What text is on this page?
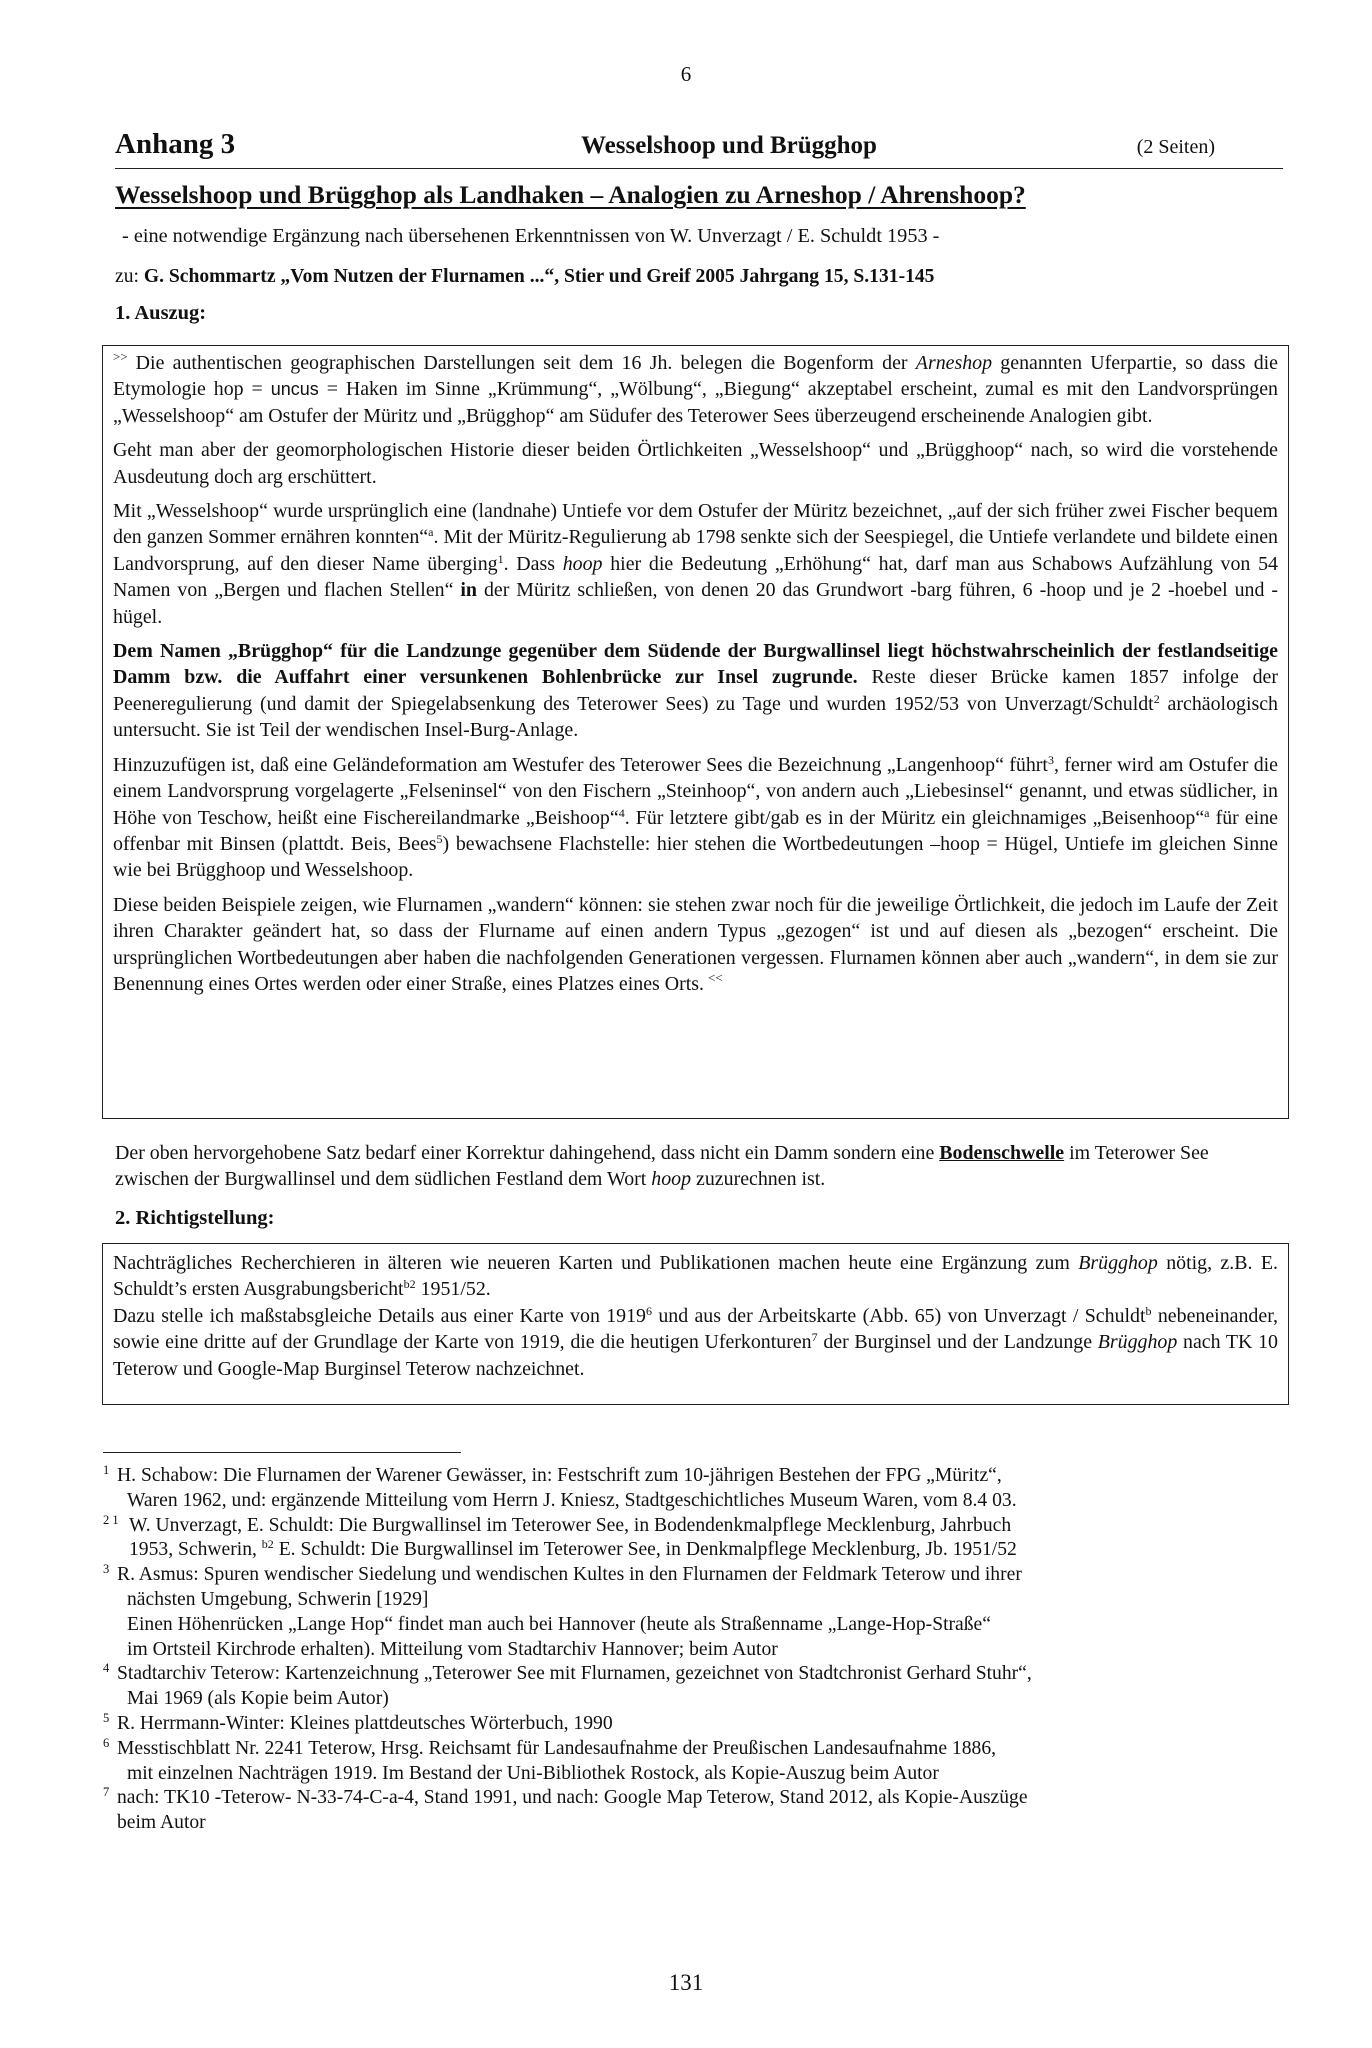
6
Anhang 3	Wesselshoop und Brügghop	(2 Seiten)
Wesselshoop und Brügghop als Landhaken – Analogien zu Arneshop / Ahrenshoop?
- eine notwendige Ergänzung nach übersehenen Erkenntnissen von W. Unverzagt / E. Schuldt 1953 -
zu: G. Schommartz „Vom Nutzen der Flurnamen ...“, Stier und Greif 2005 Jahrgang 15, S.131-145
1. Auszug:

>> Die authentischen geographischen Darstellungen seit dem 16 Jh. belegen die Bogenform der Arneshop genannten Uferpartie, so dass die Etymologie hop = uncus = Haken im Sinne „Krümmung“, „Wölbung“, „Biegung“ akzeptabel erscheint, zumal es mit den Landvorsprüngen „Wesselshoop“ am Ostufer der Müritz und „Brügghop“ am Südufer des Teterower Sees überzeugend erscheinende Analogien gibt.

Geht man aber der geomorphologischen Historie dieser beiden Örtlichkeiten „Wesselshoop“ und „Brügghoop“ nach, so wird die vorstehende Ausdeutung doch arg erschüttert.

Mit „Wesselshoop“ wurde ursprünglich eine (landnahe) Untiefe vor dem Ostufer der Müritz bezeichnet, „auf der sich früher zwei Fischer bequem den ganzen Sommer ernähren konnten“$^a$. Mit der Müritz-Regulierung ab 1798 senkte sich der Seespiegel, die Untiefe verlandete und bildete einen Landvorsprung, auf den dieser Name überging$^1$. Dass hoop hier die Bedeutung „Erhöhung“ hat, darf man aus Schabows Aufzählung von 54 Namen von „Bergen und flachen Stellen“ in der Müritz schließen, von denen 20 das Grundwort -barg führen, 6 -hoop und je 2 -hoebel und -hügel.

Dem Namen „Brügghop“ für die Landzunge gegenüber dem Südende der Burgwallinsel liegt höchstwahrscheinlich der festlandseitige Damm bzw. die Auffahrt einer versunkenen Bohlenbrücke zur Insel zugrunde. Reste dieser Brücke kamen 1857 infolge der Peeneregulierung (und damit der Spiegelabsenkung des Teterower Sees) zu Tage und wurden 1952/53 von Unverzagt/Schuldt$^2$ archäologisch untersucht. Sie ist Teil der wendischen Insel-Burg-Anlage.

Hinzuzufügen ist, daß eine Geländeformation am Westufer des Teterower Sees die Bezeichnung „Langenhoop“ führt$^3$, ferner wird am Ostufer die einem Landvorsprung vorgelagerte „Felseninsel“ von den Fischern „Steinhoop“, von andern auch „Liebesinsel“ genannt, und etwas südlicher, in Höhe von Teschow, heißt eine Fischereilandmarke „Beishoop“$^4$. Für letztere gibt/gab es in der Müritz ein gleichnamiges „Beisenhoop“$^a$ für eine offenbar mit Binsen (plattdt. Beis, Bees$^5$) bewachsene Flachstelle: hier stehen die Wortbedeutungen –hoop = Hügel, Untiefe im gleichen Sinne wie bei Brügghoop und Wesselshoop.

Diese beiden Beispiele zeigen, wie Flurnamen „wandern“ können: sie stehen zwar noch für die jeweilige Örtlichkeit, die jedoch im Laufe der Zeit ihren Charakter geändert hat, so dass der Flurname auf einen andern Typus „gezogen“ ist und auf diesen als „bezogen“ erscheint. Die ursprünglichen Wortbedeutungen aber haben die nachfolgenden Generationen vergessen. Flurnamen können aber auch „wandern“, in dem sie zur Benennung eines Ortes werden oder einer Straße, eines Platzes eines Orts. <<

Der oben hervorgehobene Satz bedarf einer Korrektur dahingehend, dass nicht ein Damm sondern eine Bodenschwelle im Teterower See zwischen der Burgwallinsel und dem südlichen Festland dem Wort hoop zuzurechnen ist.
2. Richtigstellung:

Nachträgliches Recherchieren in älteren wie neueren Karten und Publikationen machen heute eine Ergänzung zum Brügghop nötig, z.B. E. Schuldt’s ersten Ausgrabungsbericht$^{b2}$ 1951/52.

Dazu stelle ich maßstabsgleiche Details aus einer Karte von 1919$^6$ und aus der Arbeitskarte (Abb. 65) von Unverzagt / Schuldt$^b$ nebeneinander, sowie eine dritte auf der Grundlage der Karte von 1919, die die heutigen Uferkonturen$^7$ der Burginsel und der Landzunge Brügghop nach TK 10 Teterow und Google-Map Burginsel Teterow nachzeichnet.

1 H. Schabow: Die Flurnamen der Warener Gewässer, in: Festschrift zum 10-jährigen Bestehen der FPG „Müritz“,
Waren 1962, und: ergänzende Mitteilung vom Herrn J. Kniesz, Stadtgeschichtliches Museum Waren, vom 8.4 03.
2 1 W. Unverzagt, E. Schuldt: Die Burgwallinsel im Teterower See, in Bodendenkmalpflege Mecklenburg, Jahrbuch
1953, Schwerin, $^{b2}$ E. Schuldt: Die Burgwallinsel im Teterower See, in Denkmalpflege Mecklenburg, Jb. 1951/52
3 R. Asmus: Spuren wendischer Siedelung und wendischen Kultes in den Flurnamen der Feldmark Teterow und ihrer
nächsten Umgebung, Schwerin [1929]
Einen Höhenrücken „Lange Hop“ findet man auch bei Hannover (heute als Straßenname „Lange-Hop-Straße“
im Ortsteil Kirchrode erhalten). Mitteilung vom Stadtarchiv Hannover; beim Autor
4 Stadtarchiv Teterow: Kartenzeichnung „Teterower See mit Flurnamen, gezeichnet von Stadtchronist Gerhard Stuhr“,
Mai 1969 (als Kopie beim Autor)
5 R. Herrmann-Winter: Kleines plattdeutsches Wörterbuch, 1990
6 Messtischblatt Nr. 2241 Teterow, Hrsg. Reichsamt für Landesaufnahme der Preußischen Landesaufnahme 1886,
mit einzelnen Nachträgen 1919. Im Bestand der Uni-Bibliothek Rostock, als Kopie-Auszug beim Autor
7 nach: TK10 -Teterow- N-33-74-C-a-4, Stand 1991, und nach: Google Map Teterow, Stand 2012, als Kopie-Auszüge
beim Autor
131
